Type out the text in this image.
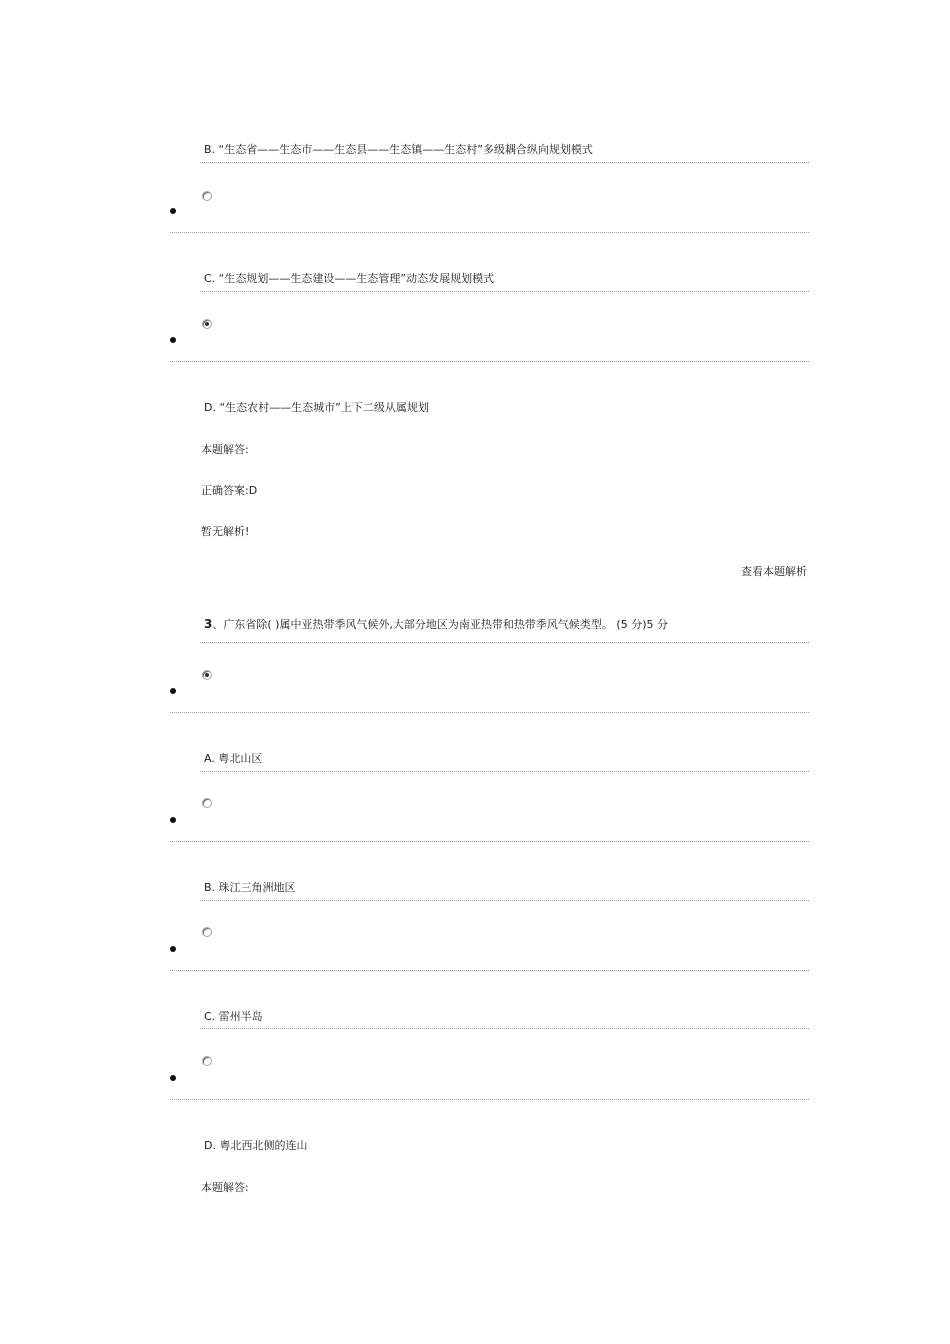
B. “生态省——生态市——生态县——生态镇——生态村”多级耦合纵向规划模式
C. “生态规划——生态建设——生态管理”动态发展规划模式
D. “生态农村——生态城市”上下二级从属规划
本题解答:
正确答案:D
暂无解析!
查看本题解析
3、广东省除( )属中亚热带季风气候外,大部分地区为南亚热带和热带季风气候类型。 (5 分)5 分
A. 粤北山区
B. 珠江三角洲地区
C. 雷州半岛
D. 粤北西北侧的连山
本题解答:
